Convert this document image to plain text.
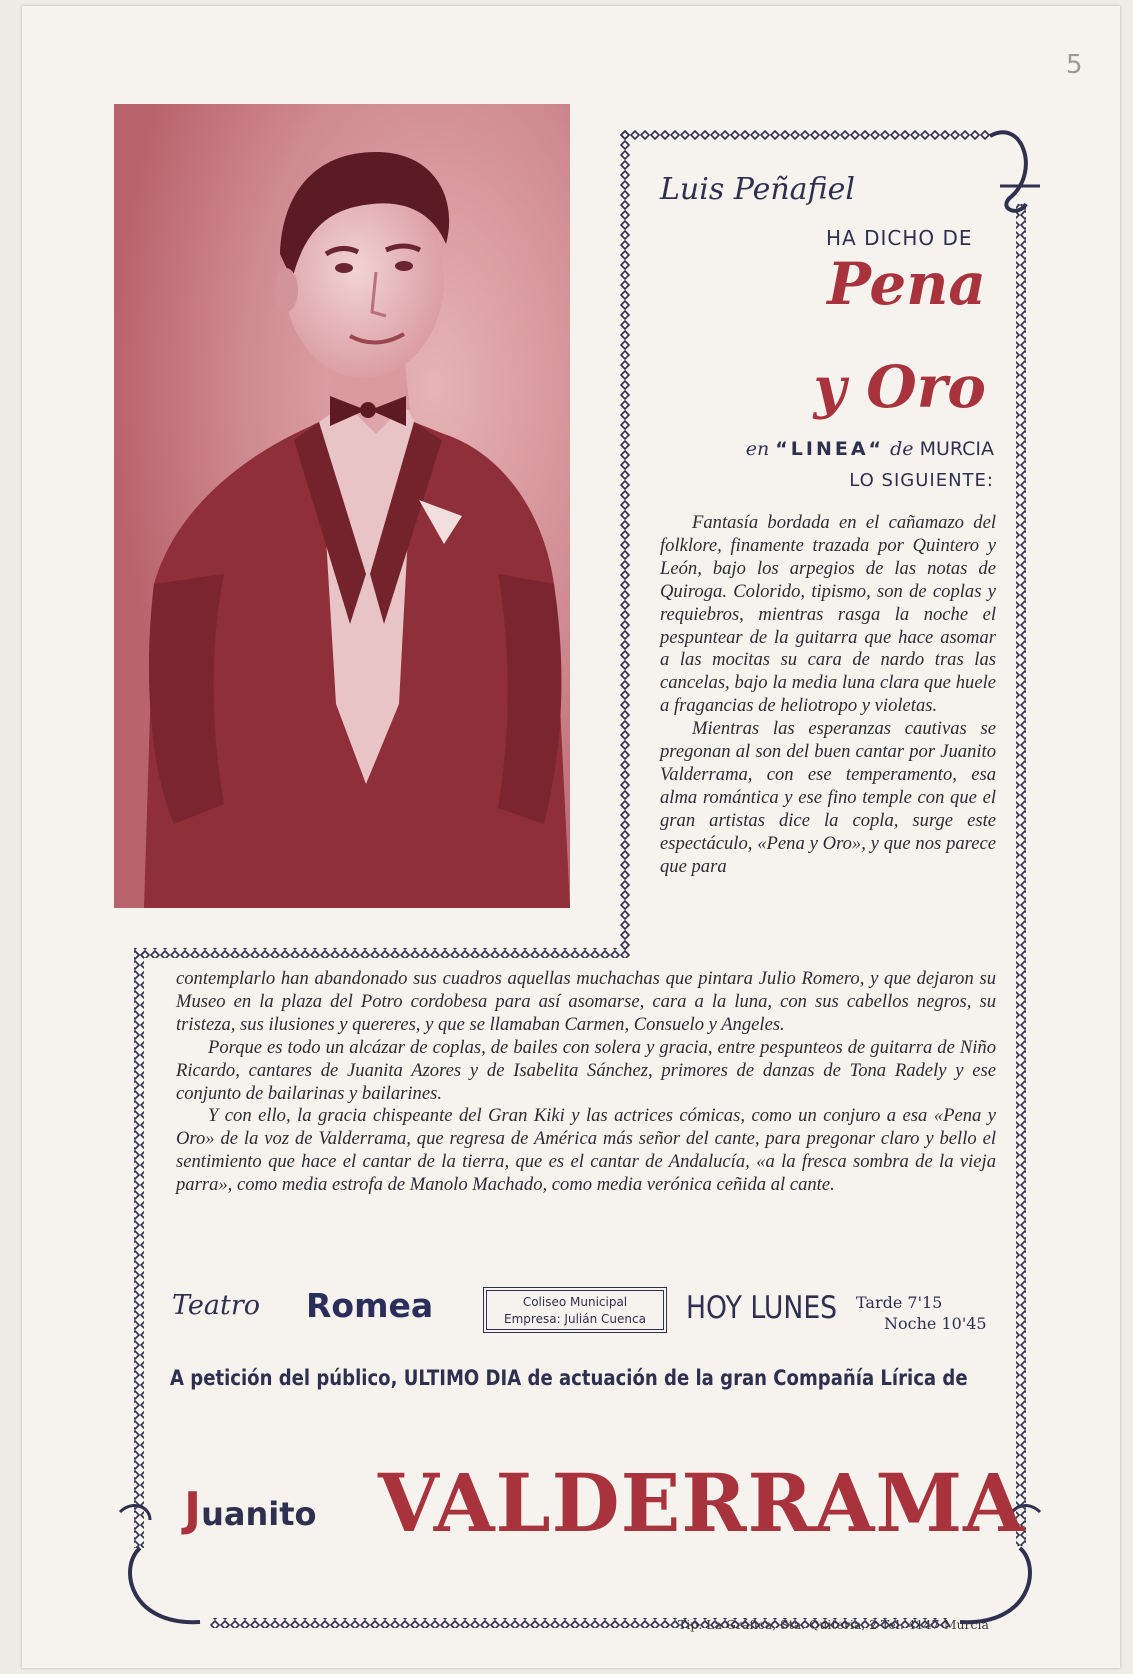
5
Luis Peñafiel
HA DICHO DE
Pena
y Oro
en “LINEA“ de MURCIA
LO SIGUIENTE:

Fantasía bordada en el cañamazo del folklore, finamente trazada por Quintero y León, bajo los arpegios de las notas de Quiroga. Colorido, tipismo, son de coplas y requiebros, mientras rasga la noche el pespuntear de la guitarra que hace asomar a las mocitas su cara de nardo tras las cancelas, bajo la media luna clara que huele a fragancias de heliotropo y violetas.

Mientras las esperanzas cautivas se pregonan al son del buen cantar por Juanito Valderrama, con ese temperamento, esa alma romántica y ese fino temple con que el gran artistas dice la copla, surge este espectáculo, «Pena y Oro», y que nos parece que para

contemplarlo han abandonado sus cuadros aquellas muchachas que pintara Julio Romero, y que dejaron su Museo en la plaza del Potro cordobesa para así asomarse, cara a la luna, con sus cabellos negros, su tristeza, sus ilusiones y quereres, y que se llamaban Carmen, Consuelo y Angeles.

Porque es todo un alcázar de coplas, de bailes con solera y gracia, entre pespunteos de guitarra de Niño Ricardo, cantares de Juanita Azores y de Isabelita Sánchez, primores de danzas de Tona Radely y ese conjunto de bailarinas y bailarines.

Y con ello, la gracia chispeante del Gran Kiki y las actrices cómicas, como un conjuro a esa «Pena y Oro» de la voz de Valderrama, que regresa de América más señor del cante, para pregonar claro y bello el sentimiento que hace el cantar de la tierra, que es el cantar de Andalucía, «a la fresca sombra de la vieja parra», como media estrofa de Manolo Machado, como media verónica ceñida al cante.

Teatro Romea	Coliseo Municipal
Empresa: Julián Cuenca	HOY LUNES	Tarde 7'15
Noche 10'45
A petición del público, ULTIMO DIA de actuación de la gran Compañía Lírica de
Juanito VALDERRAMA
Tip. La Gráfica, Sta. Quiteria, 2-Tel. 4147-Murcia
